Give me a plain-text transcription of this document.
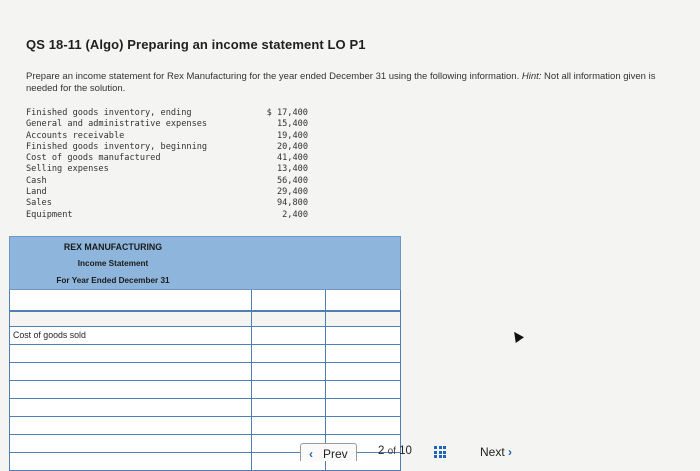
QS 18-11 (Algo) Preparing an income statement LO P1
Prepare an income statement for Rex Manufacturing for the year ended December 31 using the following information. Hint: Not all information given is needed for the solution.
Finished goods inventory, ending	$ 17,400
General and administrative expenses	15,400
Accounts receivable	19,400
Finished goods inventory, beginning	20,400
Cost of goods manufactured	41,400
Selling expenses	13,400
Cash	56,400
Land	29,400
Sales	94,800
Equipment	2,400
REX MANUFACTURING
Income Statement
For Year Ended December 31
Cost of goods sold
‹ Prev	2 of 10	Next ›
